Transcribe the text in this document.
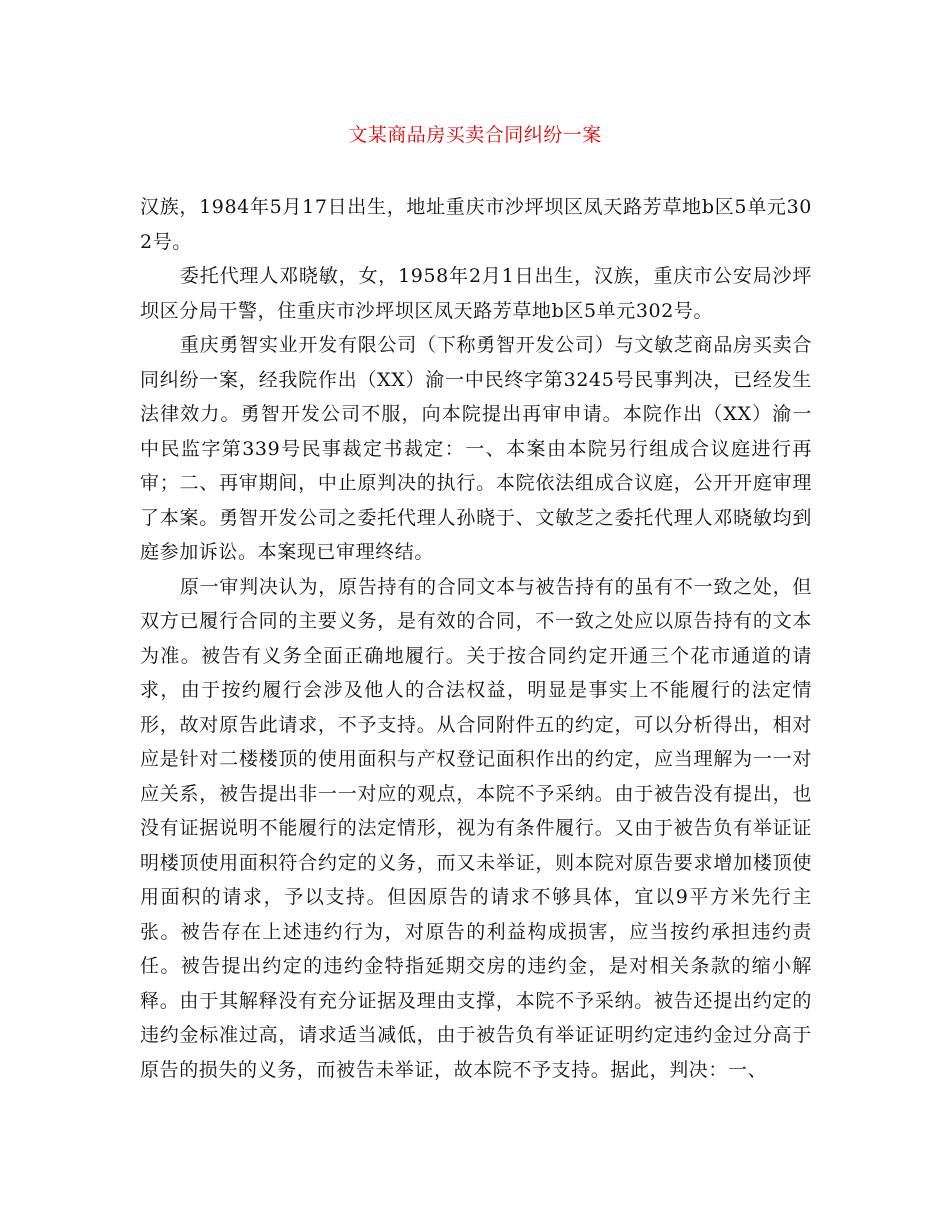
文某商品房买卖合同纠纷一案

汉族，1984年5月17日出生，地址重庆市沙坪坝区凤天路芳草地b区5单元302号。

委托代理人邓晓敏，女，1958年2月1日出生，汉族，重庆市公安局沙坪坝区分局干警，住重庆市沙坪坝区凤天路芳草地b区5单元302号。

重庆勇智实业开发有限公司（下称勇智开发公司）与文敏芝商品房买卖合同纠纷一案，经我院作出（XX）渝一中民终字第3245号民事判决，已经发生法律效力。勇智开发公司不服，向本院提出再审申请。本院作出（XX）渝一中民监字第339号民事裁定书裁定：一、本案由本院另行组成合议庭进行再审；二、再审期间，中止原判决的执行。本院依法组成合议庭，公开开庭审理了本案。勇智开发公司之委托代理人孙晓于、文敏芝之委托代理人邓晓敏均到庭参加诉讼。本案现已审理终结。

原一审判决认为，原告持有的合同文本与被告持有的虽有不一致之处，但双方已履行合同的主要义务，是有效的合同，不一致之处应以原告持有的文本为准。被告有义务全面正确地履行。关于按合同约定开通三个花市通道的请求，由于按约履行会涉及他人的合法权益，明显是事实上不能履行的法定情形，故对原告此请求，不予支持。从合同附件五的约定，可以分析得出，相对应是针对二楼楼顶的使用面积与产权登记面积作出的约定，应当理解为一一对应关系，被告提出非一一对应的观点，本院不予采纳。由于被告没有提出，也没有证据说明不能履行的法定情形，视为有条件履行。又由于被告负有举证证明楼顶使用面积符合约定的义务，而又未举证，则本院对原告要求增加楼顶使用面积的请求，予以支持。但因原告的请求不够具体，宜以9平方米先行主张。被告存在上述违约行为，对原告的利益构成损害，应当按约承担违约责任。被告提出约定的违约金特指延期交房的违约金，是对相关条款的缩小解释。由于其解释没有充分证据及理由支撑，本院不予采纳。被告还提出约定的违约金标准过高，请求适当减低，由于被告负有举证证明约定违约金过分高于原告的损失的义务，而被告未举证，故本院不予支持。据此，判决：一、
